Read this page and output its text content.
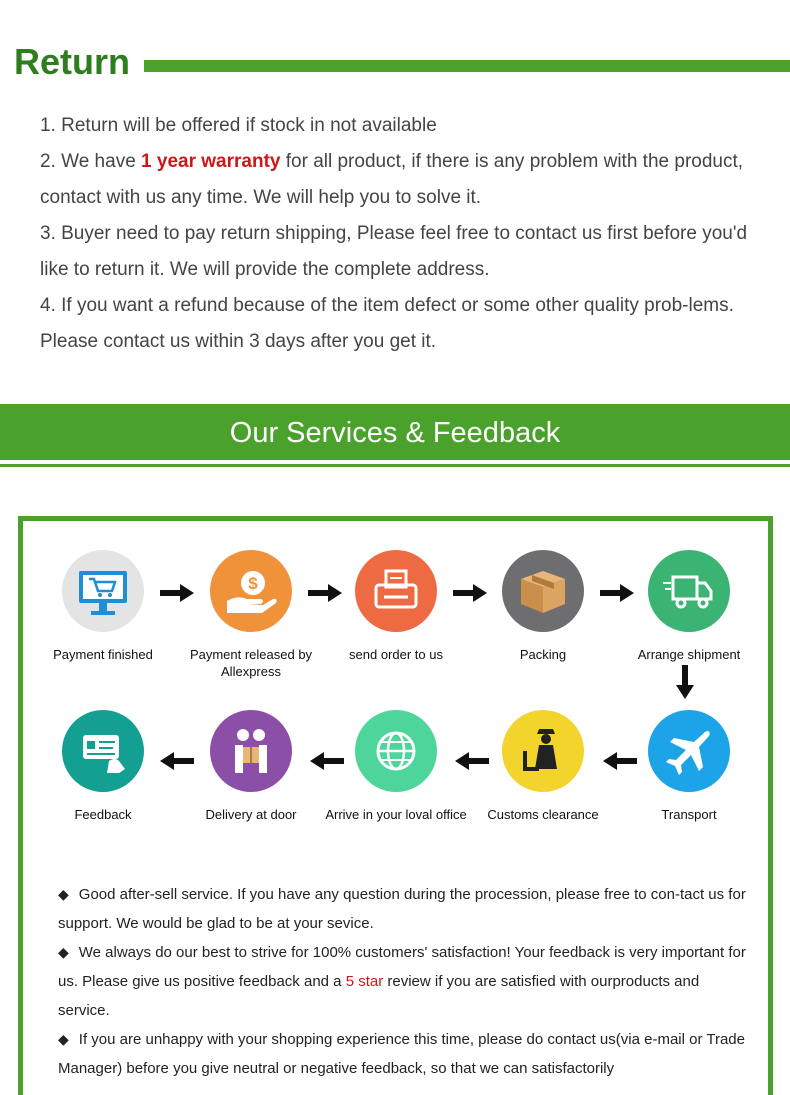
Return

1. Return will be offered if stock in not available

2. We have 1 year warranty for all product, if there is any problem with the product, contact with us any time. We will help you to solve it.

3. Buyer need to pay return shipping, Please feel free to contact us first before you'd like to return it. We will provide the complete address.

4. If you want a refund because of the item defect or some other quality prob-lems. Please contact us within 3 days after you get it.

Our Services & Feedback
Payment finished
$
Payment released by Allexpress
send order to us	Packing	Arrange shipment
Transport
Customs clearance
Arrive in your loval office
Delivery at door
Feedback

◆ Good after-sell service. If you have any question during the procession, please free to con-tact us for support. We would be glad to be at your sevice.

◆ We always do our best to strive for 100% customers' satisfaction! Your feedback is very important for us. Please give us positive feedback and a 5 star review if you are satisfied with ourproducts and service.

◆ If you are unhappy with your shopping experience this time, please do contact us(via e-mail or Trade Manager) before you give neutral or negative feedback, so that we can satisfactorily
